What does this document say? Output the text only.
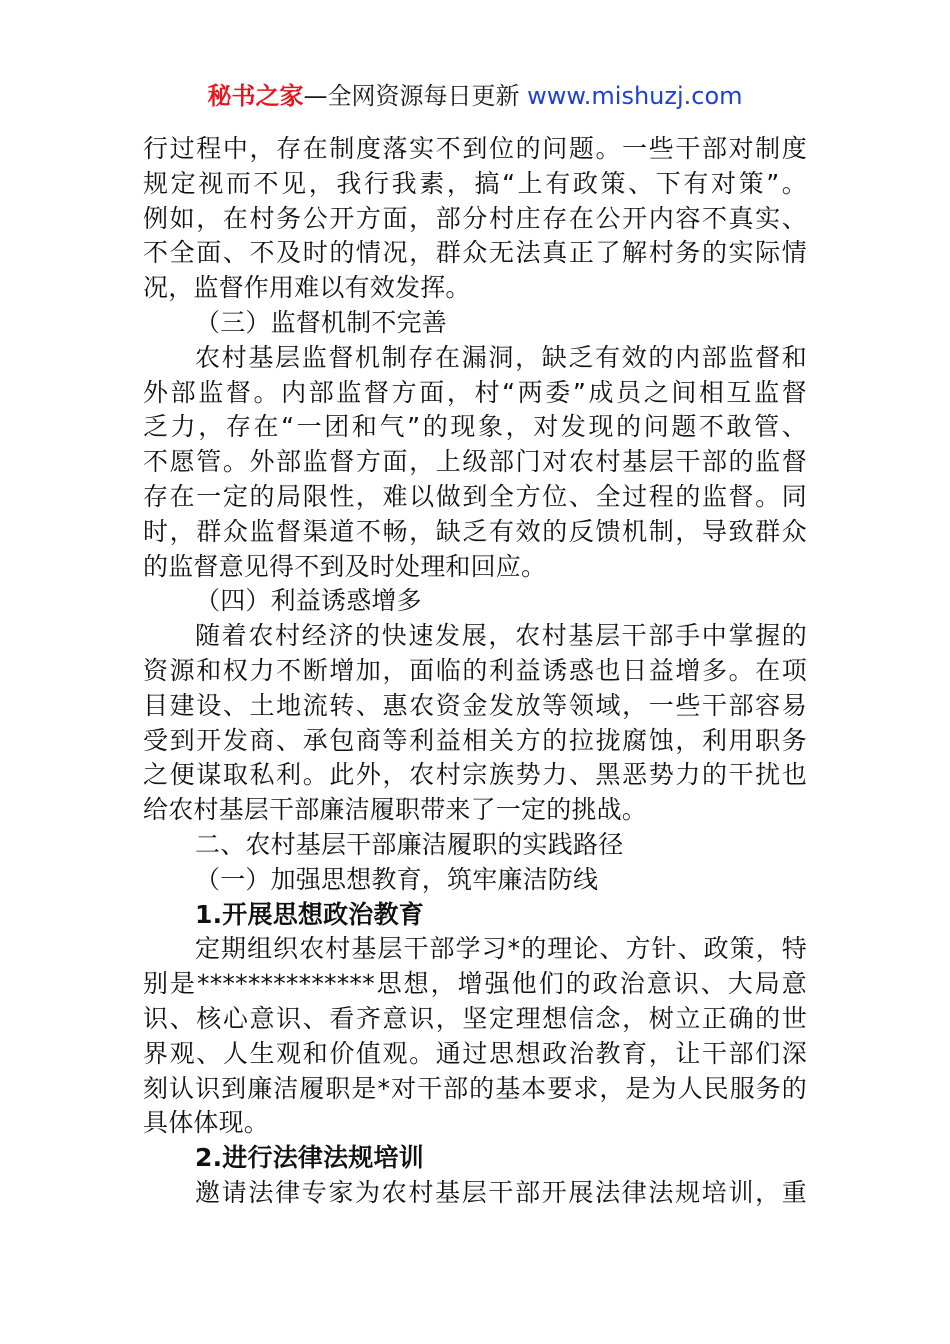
秘书之家—全网资源每日更新 www.mishuzj.com
行过程中，存在制度落实不到位的问题。一些干部对制度
规定视而不见，我行我素，搞“上有政策、下有对策”。
例如，在村务公开方面，部分村庄存在公开内容不真实、
不全面、不及时的情况，群众无法真正了解村务的实际情
况，监督作用难以有效发挥。
（三）监督机制不完善
农村基层监督机制存在漏洞，缺乏有效的内部监督和
外部监督。内部监督方面，村“两委”成员之间相互监督
乏力，存在“一团和气”的现象，对发现的问题不敢管、
不愿管。外部监督方面，上级部门对农村基层干部的监督
存在一定的局限性，难以做到全方位、全过程的监督。同
时，群众监督渠道不畅，缺乏有效的反馈机制，导致群众
的监督意见得不到及时处理和回应。
（四）利益诱惑增多
随着农村经济的快速发展，农村基层干部手中掌握的
资源和权力不断增加，面临的利益诱惑也日益增多。在项
目建设、土地流转、惠农资金发放等领域，一些干部容易
受到开发商、承包商等利益相关方的拉拢腐蚀，利用职务
之便谋取私利。此外，农村宗族势力、黑恶势力的干扰也
给农村基层干部廉洁履职带来了一定的挑战。
二、农村基层干部廉洁履职的实践路径
（一）加强思想教育，筑牢廉洁防线
1.开展思想政治教育
定期组织农村基层干部学习*的理论、方针、政策，特
别是**************思想，增强他们的政治意识、大局意
识、核心意识、看齐意识，坚定理想信念，树立正确的世
界观、人生观和价值观。通过思想政治教育，让干部们深
刻认识到廉洁履职是*对干部的基本要求，是为人民服务的
具体体现。
2.进行法律法规培训
邀请法律专家为农村基层干部开展法律法规培训，重
